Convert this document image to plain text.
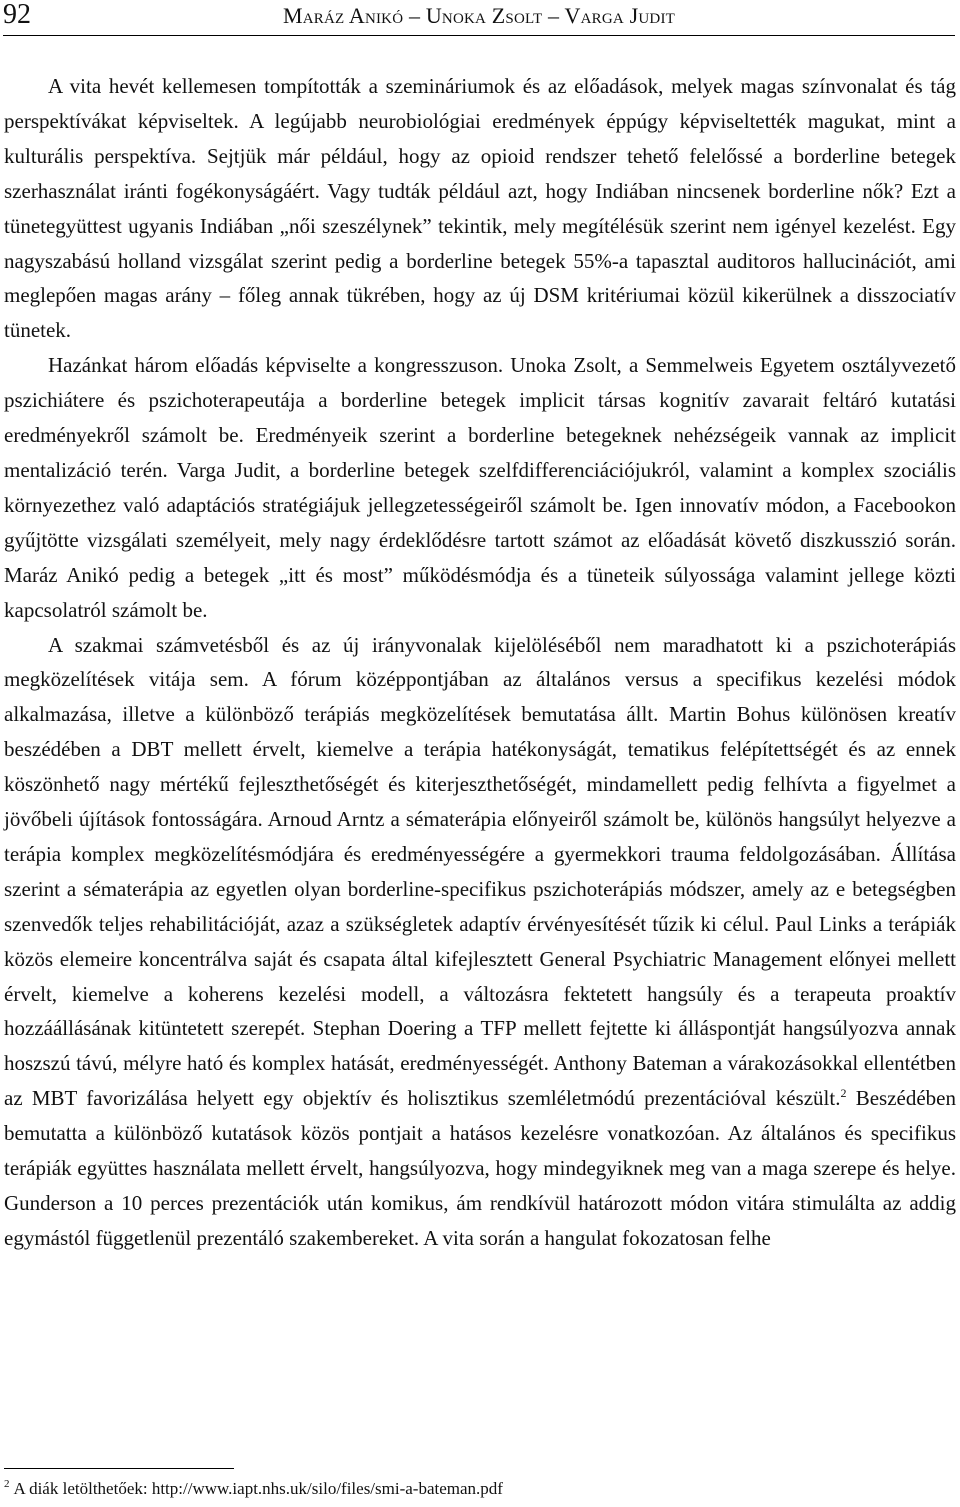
92	Maráz Anikó – Unoka Zsolt – Varga Judit

A vita hevét kellemesen tompították a szemináriumok és az előadások, melyek magas színvonalat és tág perspektívákat képviseltek. A legújabb neurobiológiai eredmények éppúgy képviseltették magukat, mint a kulturális perspektíva. Sejtjük már például, hogy az opioid rendszer tehető felelőssé a borderline betegek szerhasználat iránti fogékonyságáért. Vagy tudták például azt, hogy Indiában nincsenek borderline nők? Ezt a tünetegyüttest ugyanis Indiában „női szeszélynek” tekintik, mely megítélésük szerint nem igényel kezelést. Egy nagyszabású holland vizsgálat szerint pedig a borderline betegek 55%-a tapasztal auditoros hallucinációt, ami meglepően magas arány – főleg annak tükrében, hogy az új DSM kritériumai közül kikerülnek a disszociatív tünetek.

Hazánkat három előadás képviselte a kongresszuson. Unoka Zsolt, a Semmelweis Egyetem osztályvezető pszichiátere és pszichoterapeutája a borderline betegek implicit társas kognitív zavarait feltáró kutatási eredményekről számolt be. Eredményeik szerint a borderline betegeknek nehézségeik vannak az implicit mentalizáció terén. Varga Judit, a borderline betegek szelfdifferenciációjukról, valamint a komplex szociális környezethez való adaptációs stratégiájuk jellegzetességeiről számolt be. Igen innovatív módon, a Facebookon gyűjtötte vizsgálati személyeit, mely nagy érdeklődésre tartott számot az előadását követő diszkusszió során. Maráz Anikó pedig a betegek „itt és most” működésmódja és a tüneteik súlyossága valamint jellege közti kapcsolatról számolt be.

A szakmai számvetésből és az új irányvonalak kijelöléséből nem maradhatott ki a pszichoterápiás megközelítések vitája sem. A fórum középpontjában az általános versus a specifikus kezelési módok alkalmazása, illetve a különböző terápiás megközelítések bemutatása állt. Martin Bohus különösen kreatív beszédében a DBT mellett érvelt, kiemelve a terápia hatékonyságát, tematikus felépítettségét és az ennek köszönhető nagy mértékű fejleszthetőségét és kiterjeszthetőségét, mindamellett pedig felhívta a figyelmet a jövőbeli újítások fontosságára. Arnoud Arntz a sématerápia előnyeiről számolt be, különös hangsúlyt helyezve a terápia komplex megközelítésmódjára és eredményességére a gyermekkori trauma feldolgozásában. Állítása szerint a sématerápia az egyetlen olyan borderline-specifikus pszichoterápiás módszer, amely az e betegségben szenvedők teljes rehabilitációját, azaz a szükségletek adaptív érvényesítését tűzik ki célul. Paul Links a terápiák közös elemeire koncentrálva saját és csapata által kifejlesztett General Psychiatric Management előnyei mellett érvelt, kiemelve a koherens kezelési modell, a változásra fektetett hangsúly és a terapeuta proaktív hozzáállásának kitüntetett szerepét. Stephan Doering a TFP mellett fejtette ki álláspontját hangsúlyozva annak hoszszú távú, mélyre ható és komplex hatását, eredményességét. Anthony Bateman a várakozásokkal ellentétben az MBT favorizálása helyett egy objektív és holisztikus szemléletmódú prezentációval készült.$^2$ Beszédében bemutatta a különböző kutatások közös pontjait a hatásos kezelésre vonatkozóan. Az általános és specifikus terápiák együttes használata mellett érvelt, hangsúlyozva, hogy mindegyiknek meg van a maga szerepe és helye. Gunderson a 10 perces prezentációk után komikus, ám rendkívül határozott módon vitára stimulálta az addig egymástól függetlenül prezentáló szakembereket. A vita során a hangulat fokozatosan felhe

$^2$ A diák letölthetőek: http://www.iapt.nhs.uk/silo/files/smi-a-bateman.pdf
